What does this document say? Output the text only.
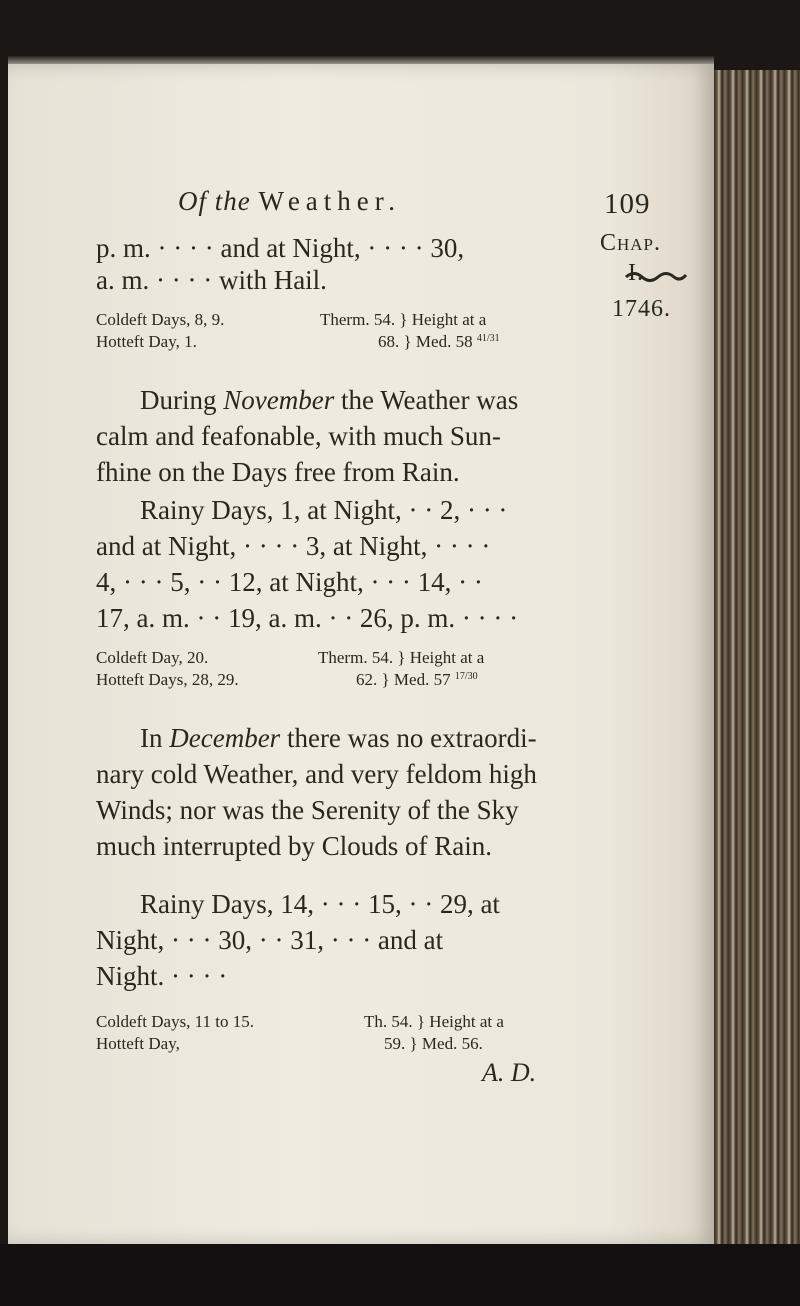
Of the Weather.	109
Chap.
I.
1746.
p. m. · · · · and at Night, · · · · 30,
a. m. · · · · with Hail.
Coldeft Days, 8, 9.
Hotteft Day, 1.
Therm. 54. } Height at a
68. } Med. 58 $^{41/31}$
During November the Weather was
calm and feafonable, with much Sun-
fhine on the Days free from Rain.
Rainy Days, 1, at Night, · · 2, · · ·
and at Night, · · · · 3, at Night, · · · ·
4, · · · 5, · · 12, at Night, · · · 14, · ·
17, a. m. · · 19, a. m. · · 26, p. m. · · · ·
Coldeft Day, 20.
Hotteft Days, 28, 29.
Therm. 54. } Height at a
62. } Med. 57 $^{17/30}$
In December there was no extraordi-
nary cold Weather, and very feldom high
Winds; nor was the Serenity of the Sky
much interrupted by Clouds of Rain.
Rainy Days, 14, · · · 15, · · 29, at
Night, · · · 30, · · 31, · · · and at
Night. · · · ·
Coldeft Days, 11 to 15.
Hotteft Day,
Th. 54. } Height at a
59. } Med. 56.
A. D.
